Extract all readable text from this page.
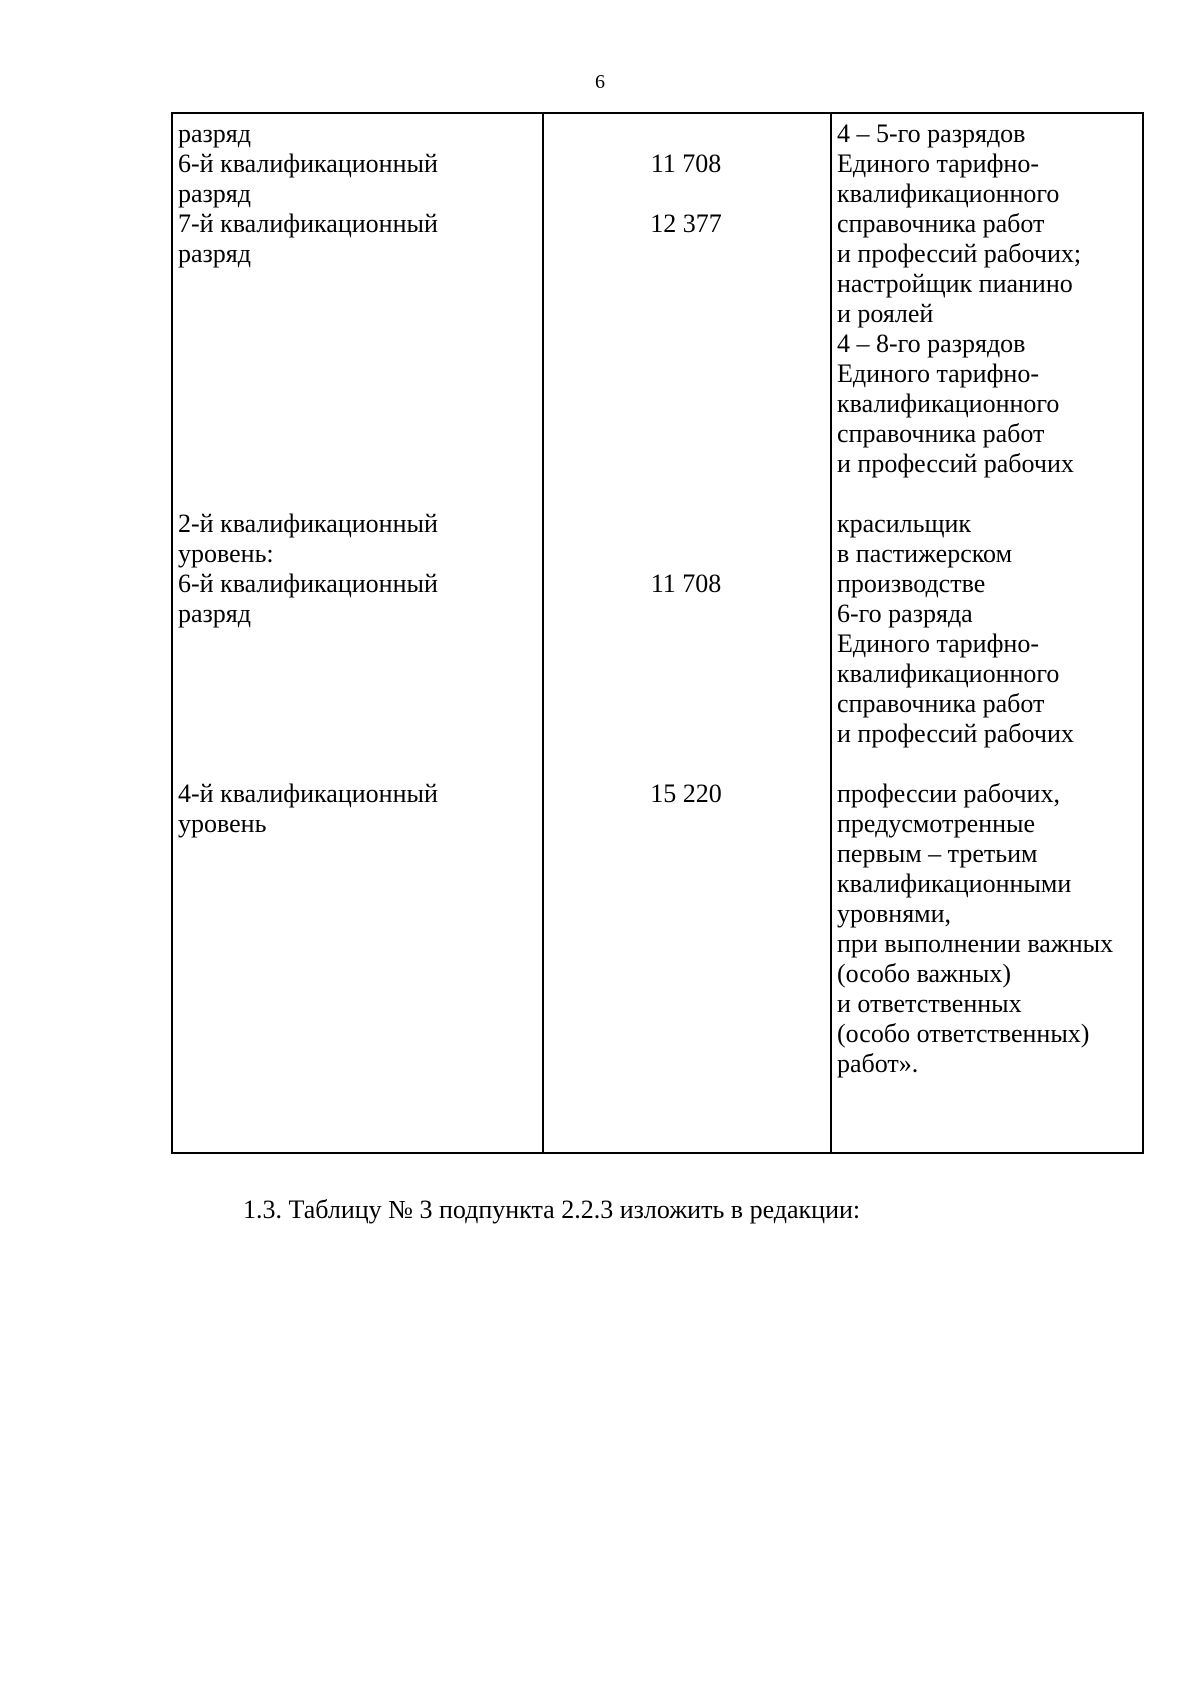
6
разряд
6-й квалификационный
разряд
7-й квалификационный
разряд
11 708
12 377
4 – 5-го разрядов
Единого тарифно-
квалификационного
справочника работ
и профессий рабочих;
настройщик пианино
и роялей
4 – 8-го разрядов
Единого тарифно-
квалификационного
справочника работ
и профессий рабочих
2-й квалификационный
уровень:
6-й квалификационный
разряд
11 708
красильщик
в пастижерском
производстве
6-го разряда
Единого тарифно-
квалификационного
справочника работ
и профессий рабочих
4-й квалификационный
уровень
15 220	профессии рабочих,
предусмотренные
первым – третьим
квалификационными
уровнями,
при выполнении важных
(особо важных)
и ответственных
(особо ответственных)
работ».
1.3. Таблицу № 3 подпункта 2.2.3 изложить в редакции:
